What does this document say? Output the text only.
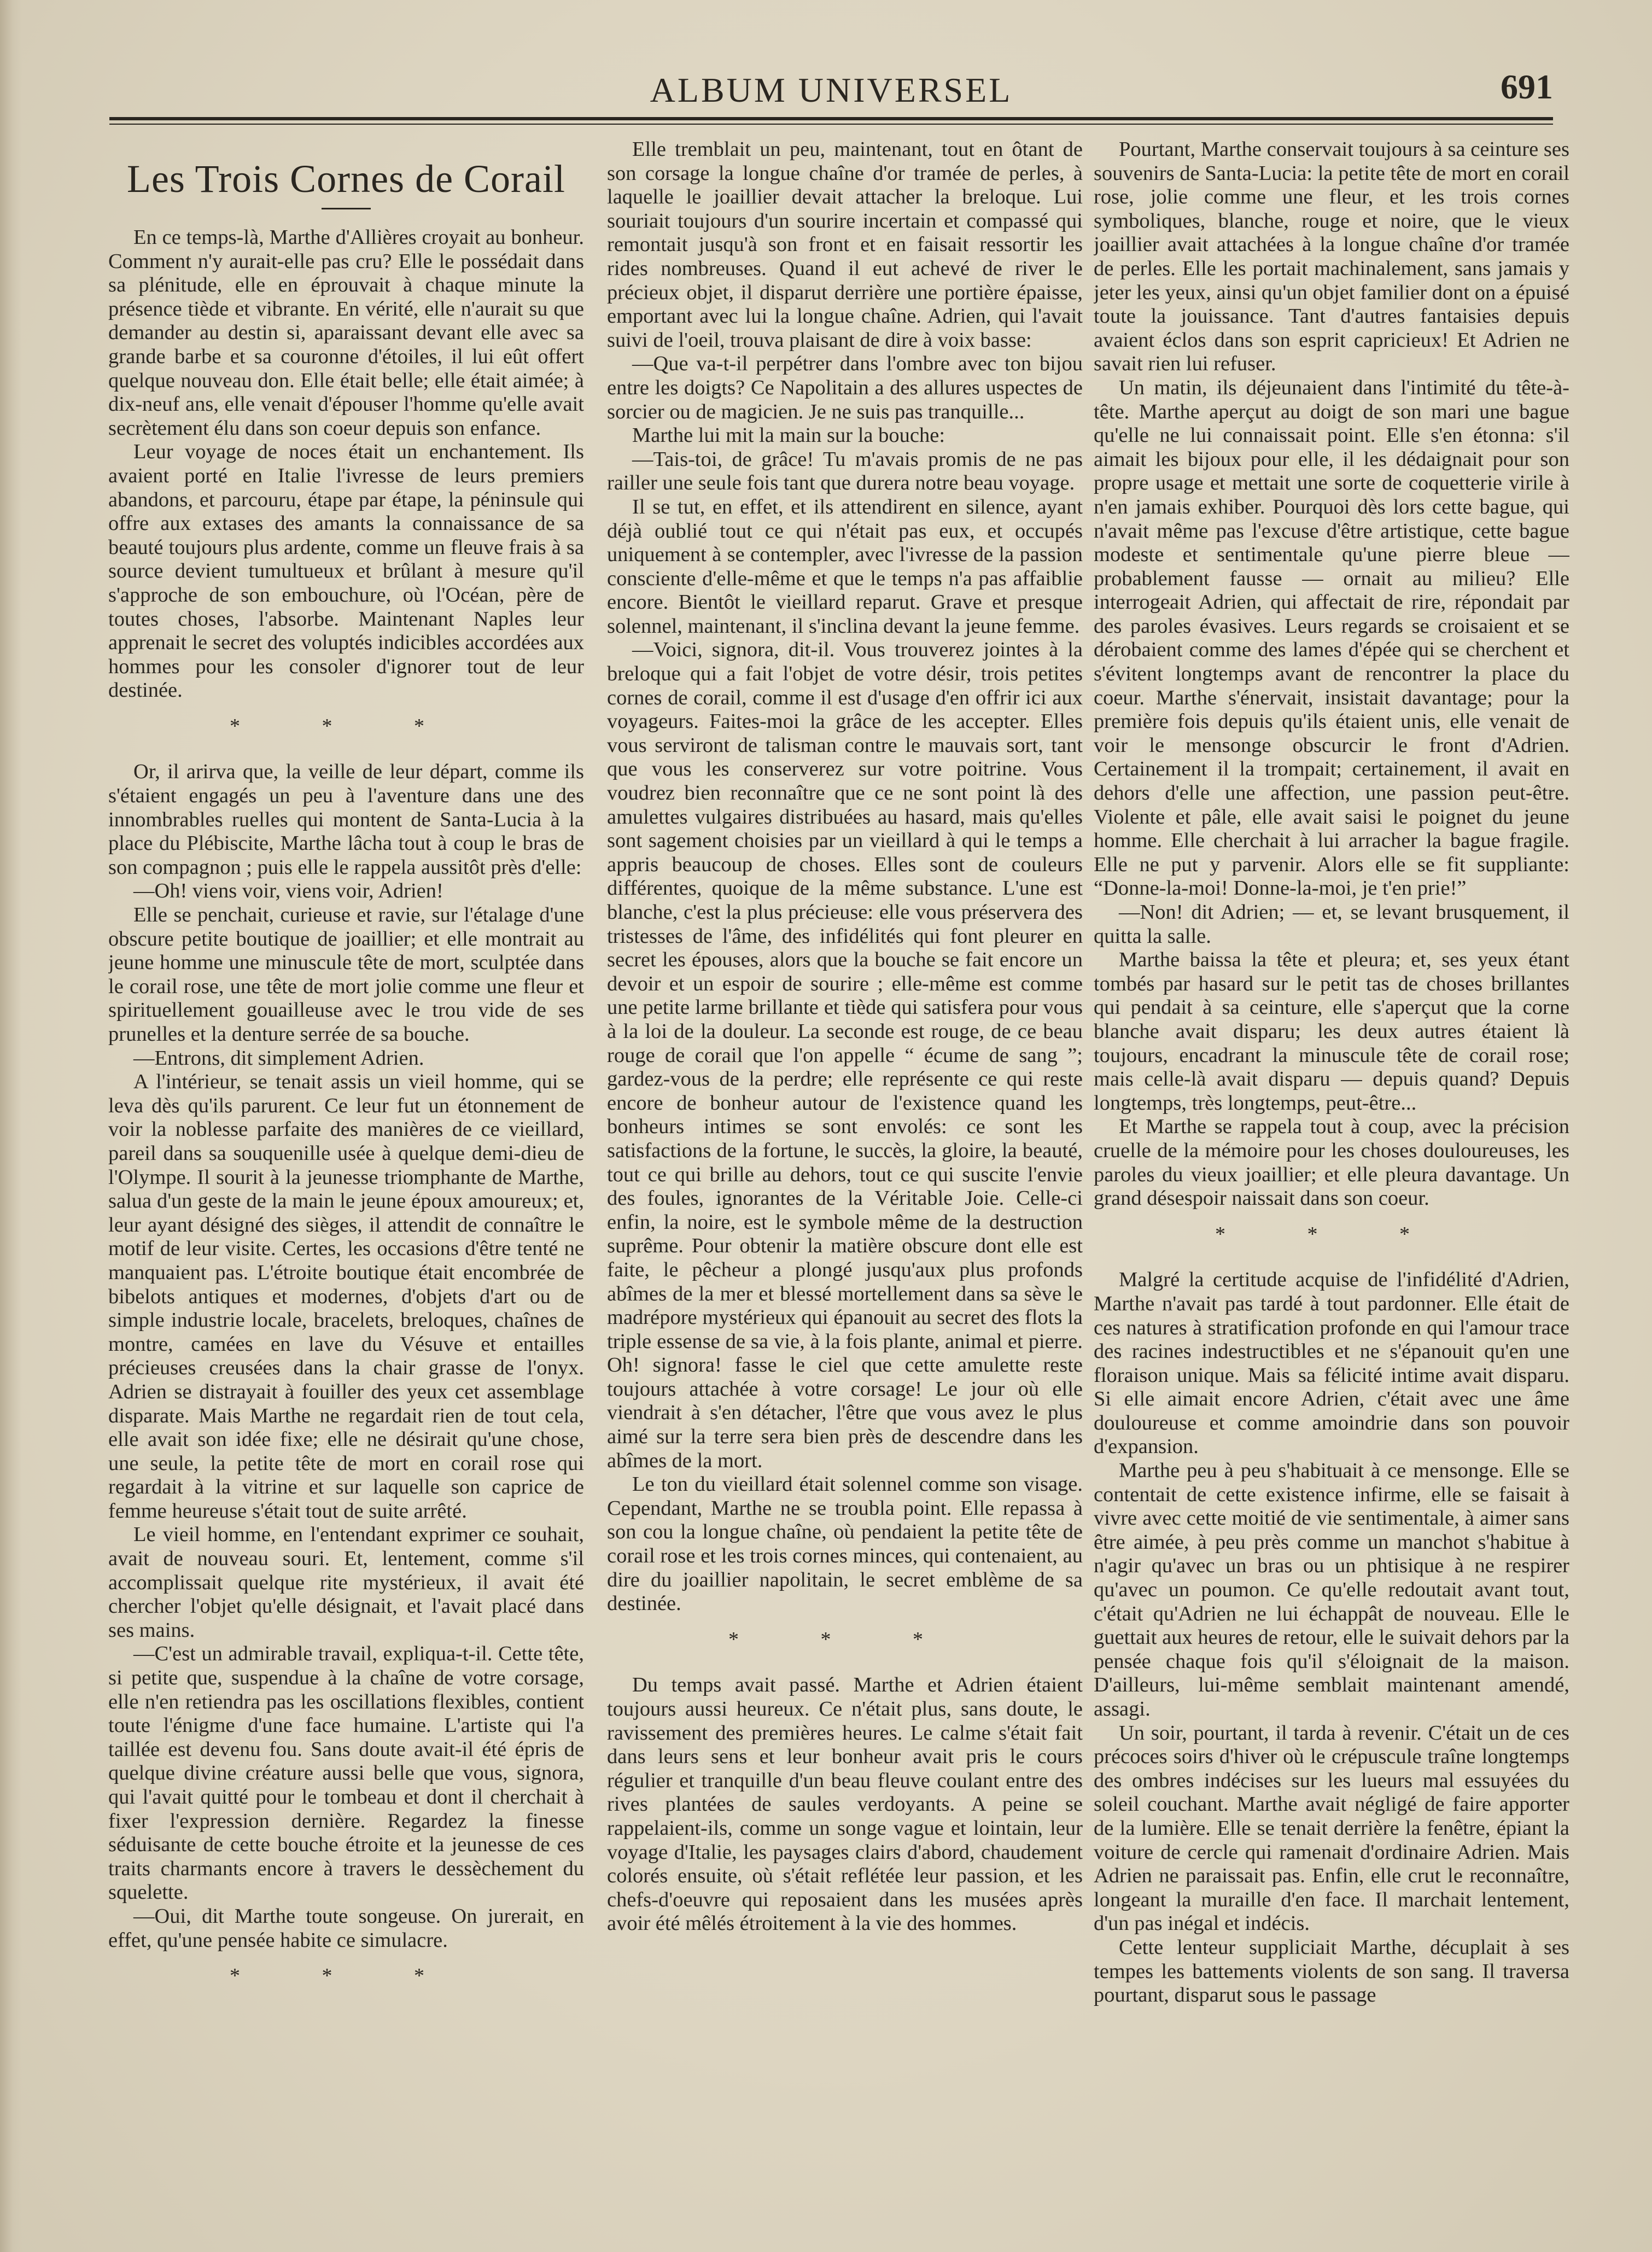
ALBUM UNIVERSEL	691
Les Trois Cornes de Corail

En ce temps-là, Marthe d'Allières croyait au bonheur. Comment n'y aurait-elle pas cru? Elle le possédait dans sa plénitude, elle en éprouvait à chaque minute la présence tiède et vibrante. En vérité, elle n'aurait su que demander au destin si, aparaissant devant elle avec sa grande barbe et sa couronne d'étoiles, il lui eût offert quelque nouveau don. Elle était belle; elle était aimée; à dix-neuf ans, elle venait d'épouser l'homme qu'elle avait secrètement élu dans son coeur depuis son enfance.

Leur voyage de noces était un enchantement. Ils avaient porté en Italie l'ivresse de leurs premiers abandons, et parcouru, étape par étape, la péninsule qui offre aux extases des amants la connaissance de sa beauté toujours plus ardente, comme un fleuve frais à sa source devient tumultueux et brûlant à mesure qu'il s'approche de son embouchure, où l'Océan, père de toutes choses, l'absorbe. Maintenant Naples leur apprenait le secret des voluptés indicibles accordées aux hommes pour les consoler d'ignorer tout de leur destinée.

* * *

Or, il arirva que, la veille de leur départ, comme ils s'étaient engagés un peu à l'aventure dans une des innombrables ruelles qui montent de Santa-Lucia à la place du Plébiscite, Marthe lâcha tout à coup le bras de son compagnon ; puis elle le rappela aussitôt près d'elle:

—Oh! viens voir, viens voir, Adrien!

Elle se penchait, curieuse et ravie, sur l'étalage d'une obscure petite boutique de joaillier; et elle montrait au jeune homme une minuscule tête de mort, sculptée dans le corail rose, une tête de mort jolie comme une fleur et spirituellement gouailleuse avec le trou vide de ses prunelles et la denture serrée de sa bouche.

—Entrons, dit simplement Adrien.

A l'intérieur, se tenait assis un vieil homme, qui se leva dès qu'ils parurent. Ce leur fut un étonnement de voir la noblesse parfaite des manières de ce vieillard, pareil dans sa souquenille usée à quelque demi-dieu de l'Olympe. Il sourit à la jeunesse triomphante de Marthe, salua d'un geste de la main le jeune époux amoureux; et, leur ayant désigné des sièges, il attendit de connaître le motif de leur visite. Certes, les occasions d'être tenté ne manquaient pas. L'étroite boutique était encombrée de bibelots antiques et modernes, d'objets d'art ou de simple industrie locale, bracelets, breloques, chaînes de montre, camées en lave du Vésuve et entailles précieuses creusées dans la chair grasse de l'onyx. Adrien se distrayait à fouiller des yeux cet assemblage disparate. Mais Marthe ne regardait rien de tout cela, elle avait son idée fixe; elle ne désirait qu'une chose, une seule, la petite tête de mort en corail rose qui regardait à la vitrine et sur laquelle son caprice de femme heureuse s'était tout de suite arrêté.

Le vieil homme, en l'entendant exprimer ce souhait, avait de nouveau souri. Et, lentement, comme s'il accomplissait quelque rite mystérieux, il avait été chercher l'objet qu'elle désignait, et l'avait placé dans ses mains.

—C'est un admirable travail, expliqua-t-il. Cette tête, si petite que, suspendue à la chaîne de votre corsage, elle n'en retiendra pas les oscillations flexibles, contient toute l'énigme d'une face humaine. L'artiste qui l'a taillée est devenu fou. Sans doute avait-il été épris de quelque divine créature aussi belle que vous, signora, qui l'avait quitté pour le tombeau et dont il cherchait à fixer l'expression dernière. Regardez la finesse séduisante de cette bouche étroite et la jeunesse de ces traits charmants encore à travers le dessèchement du squelette.

—Oui, dit Marthe toute songeuse. On jurerait, en effet, qu'une pensée habite ce simulacre.

* * *

Elle tremblait un peu, maintenant, tout en ôtant de son corsage la longue chaîne d'or tramée de perles, à laquelle le joaillier devait attacher la breloque. Lui souriait toujours d'un sourire incertain et compassé qui remontait jusqu'à son front et en faisait ressortir les rides nombreuses. Quand il eut achevé de river le précieux objet, il disparut derrière une portière épaisse, emportant avec lui la longue chaîne. Adrien, qui l'avait suivi de l'oeil, trouva plaisant de dire à voix basse:

—Que va-t-il perpétrer dans l'ombre avec ton bijou entre les doigts? Ce Napolitain a des allures uspectes de sorcier ou de magicien. Je ne suis pas tranquille...

Marthe lui mit la main sur la bouche:

—Tais-toi, de grâce! Tu m'avais promis de ne pas railler une seule fois tant que durera notre beau voyage.

Il se tut, en effet, et ils attendirent en silence, ayant déjà oublié tout ce qui n'était pas eux, et occupés uniquement à se contempler, avec l'ivresse de la passion consciente d'elle-même et que le temps n'a pas affaiblie encore. Bientôt le vieillard reparut. Grave et presque solennel, maintenant, il s'inclina devant la jeune femme.

—Voici, signora, dit-il. Vous trouverez jointes à la breloque qui a fait l'objet de votre désir, trois petites cornes de corail, comme il est d'usage d'en offrir ici aux voyageurs. Faites-moi la grâce de les accepter. Elles vous serviront de talisman contre le mauvais sort, tant que vous les conserverez sur votre poitrine. Vous voudrez bien reconnaître que ce ne sont point là des amulettes vulgaires distribuées au hasard, mais qu'elles sont sagement choisies par un vieillard à qui le temps a appris beaucoup de choses. Elles sont de couleurs différentes, quoique de la même substance. L'une est blanche, c'est la plus précieuse: elle vous préservera des tristesses de l'âme, des infidélités qui font pleurer en secret les épouses, alors que la bouche se fait encore un devoir et un espoir de sourire ; elle-même est comme une petite larme brillante et tiède qui satisfera pour vous à la loi de la douleur. La seconde est rouge, de ce beau rouge de corail que l'on appelle “ écume de sang ”; gardez-vous de la perdre; elle représente ce qui reste encore de bonheur autour de l'existence quand les bonheurs intimes se sont envolés: ce sont les satisfactions de la fortune, le succès, la gloire, la beauté, tout ce qui brille au dehors, tout ce qui suscite l'envie des foules, ignorantes de la Véritable Joie. Celle-ci enfin, la noire, est le symbole même de la destruction suprême. Pour obtenir la matière obscure dont elle est faite, le pêcheur a plongé jusqu'aux plus profonds abîmes de la mer et blessé mortellement dans sa sève le madrépore mystérieux qui épanouit au secret des flots la triple essense de sa vie, à la fois plante, animal et pierre. Oh! signora! fasse le ciel que cette amulette reste toujours attachée à votre corsage! Le jour où elle viendrait à s'en détacher, l'être que vous avez le plus aimé sur la terre sera bien près de descendre dans les abîmes de la mort.

Le ton du vieillard était solennel comme son visage. Cependant, Marthe ne se troubla point. Elle repassa à son cou la longue chaîne, où pendaient la petite tête de corail rose et les trois cornes minces, qui contenaient, au dire du joaillier napolitain, le secret emblème de sa destinée.

* * *

Du temps avait passé. Marthe et Adrien étaient toujours aussi heureux. Ce n'était plus, sans doute, le ravissement des premières heures. Le calme s'était fait dans leurs sens et leur bonheur avait pris le cours régulier et tranquille d'un beau fleuve coulant entre des rives plantées de saules verdoyants. A peine se rappelaient-ils, comme un songe vague et lointain, leur voyage d'Italie, les paysages clairs d'abord, chaudement colorés ensuite, où s'était reflétée leur passion, et les chefs-d'oeuvre qui reposaient dans les musées après avoir été mêlés étroitement à la vie des hommes.

Pourtant, Marthe conservait toujours à sa ceinture ses souvenirs de Santa-Lucia: la petite tête de mort en corail rose, jolie comme une fleur, et les trois cornes symboliques, blanche, rouge et noire, que le vieux joaillier avait attachées à la longue chaîne d'or tramée de perles. Elle les portait machinalement, sans jamais y jeter les yeux, ainsi qu'un objet familier dont on a épuisé toute la jouissance. Tant d'autres fantaisies depuis avaient éclos dans son esprit capricieux! Et Adrien ne savait rien lui refuser.

Un matin, ils déjeunaient dans l'intimité du tête-à-tête. Marthe aperçut au doigt de son mari une bague qu'elle ne lui connaissait point. Elle s'en étonna: s'il aimait les bijoux pour elle, il les dédaignait pour son propre usage et mettait une sorte de coquetterie virile à n'en jamais exhiber. Pourquoi dès lors cette bague, qui n'avait même pas l'excuse d'être artistique, cette bague modeste et sentimentale qu'une pierre bleue — probablement fausse — ornait au milieu? Elle interrogeait Adrien, qui affectait de rire, répondait par des paroles évasives. Leurs regards se croisaient et se dérobaient comme des lames d'épée qui se cherchent et s'évitent longtemps avant de rencontrer la place du coeur. Marthe s'énervait, insistait davantage; pour la première fois depuis qu'ils étaient unis, elle venait de voir le mensonge obscurcir le front d'Adrien. Certainement il la trompait; certainement, il avait en dehors d'elle une affection, une passion peut-être. Violente et pâle, elle avait saisi le poignet du jeune homme. Elle cherchait à lui arracher la bague fragile. Elle ne put y parvenir. Alors elle se fit suppliante: “Donne-la-moi! Donne-la-moi, je t'en prie!”

—Non! dit Adrien; — et, se levant brusquement, il quitta la salle.

Marthe baissa la tête et pleura; et, ses yeux étant tombés par hasard sur le petit tas de choses brillantes qui pendait à sa ceinture, elle s'aperçut que la corne blanche avait disparu; les deux autres étaient là toujours, encadrant la minuscule tête de corail rose; mais celle-là avait disparu — depuis quand? Depuis longtemps, très longtemps, peut-être...

Et Marthe se rappela tout à coup, avec la précision cruelle de la mémoire pour les choses douloureuses, les paroles du vieux joaillier; et elle pleura davantage. Un grand désespoir naissait dans son coeur.

* * *

Malgré la certitude acquise de l'infidélité d'Adrien, Marthe n'avait pas tardé à tout pardonner. Elle était de ces natures à stratification profonde en qui l'amour trace des racines indestructibles et ne s'épanouit qu'en une floraison unique. Mais sa félicité intime avait disparu. Si elle aimait encore Adrien, c'était avec une âme douloureuse et comme amoindrie dans son pouvoir d'expansion.

Marthe peu à peu s'habituait à ce mensonge. Elle se contentait de cette existence infirme, elle se faisait à vivre avec cette moitié de vie sentimentale, à aimer sans être aimée, à peu près comme un manchot s'habitue à n'agir qu'avec un bras ou un phtisique à ne respirer qu'avec un poumon. Ce qu'elle redoutait avant tout, c'était qu'Adrien ne lui échappât de nouveau. Elle le guettait aux heures de retour, elle le suivait dehors par la pensée chaque fois qu'il s'éloignait de la maison. D'ailleurs, lui-même semblait maintenant amendé, assagi.

Un soir, pourtant, il tarda à revenir. C'était un de ces précoces soirs d'hiver où le crépuscule traîne longtemps des ombres indécises sur les lueurs mal essuyées du soleil couchant. Marthe avait négligé de faire apporter de la lumière. Elle se tenait derrière la fenêtre, épiant la voiture de cercle qui ramenait d'ordinaire Adrien. Mais Adrien ne paraissait pas. Enfin, elle crut le reconnaître, longeant la muraille d'en face. Il marchait lentement, d'un pas inégal et indécis.

Cette lenteur suppliciait Marthe, décuplait à ses tempes les battements violents de son sang. Il traversa pourtant, disparut sous le passage
